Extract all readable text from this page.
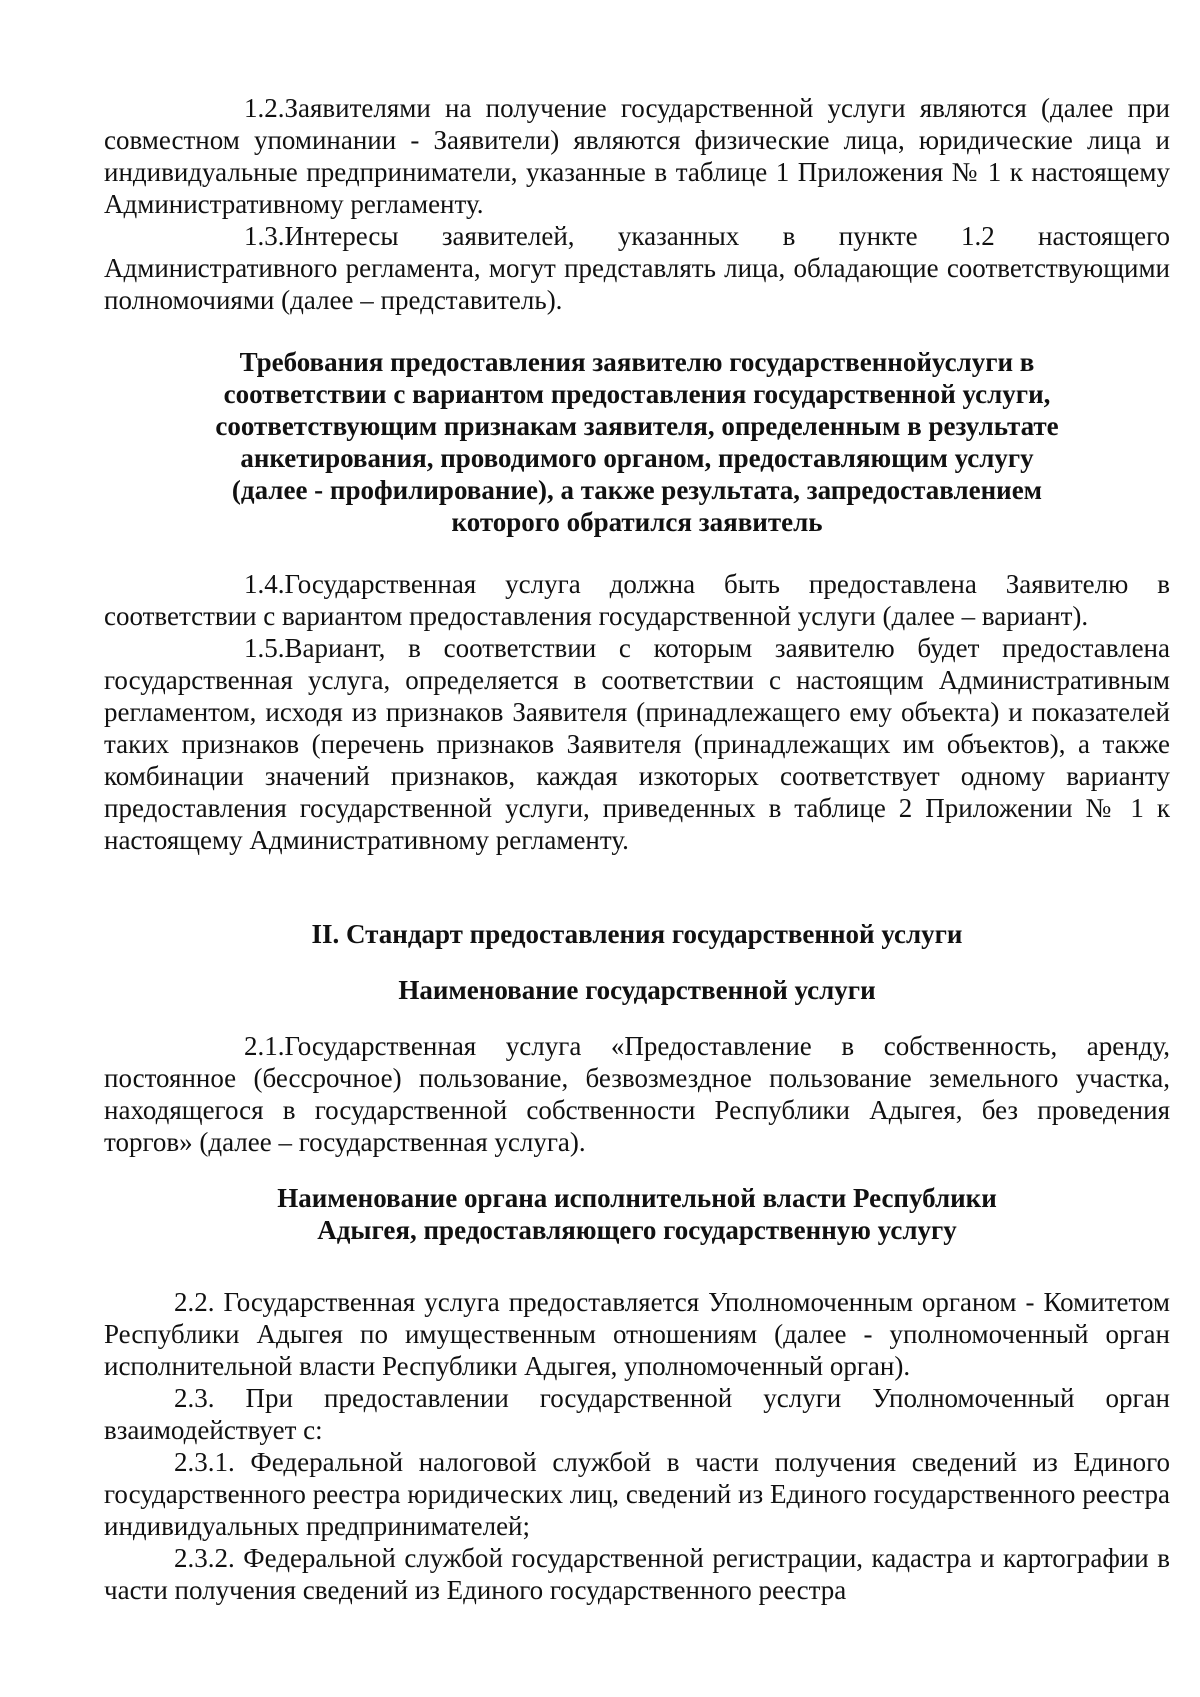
1.2.Заявителями на получение государственной услуги являются (далее при совместном упоминании - Заявители) являются физические лица, юридические лица и индивидуальные предприниматели, указанные в таблице 1 Приложения № 1 к настоящему Административному регламенту.

1.3.Интересы заявителей, указанных в пункте 1.2 настоящего Административного регламента, могут представлять лица, обладающие соответствующими полномочиями (далее – представитель).

Требования предоставления заявителю государственнойуслуги в соответствии с вариантом предоставления государственной услуги, соответствующим признакам заявителя, определенным в результате анкетирования, проводимого органом, предоставляющим услугу (далее - профилирование), а также результата, запредоставлением которого обратился заявитель

1.4.Государственная услуга должна быть предоставлена Заявителю в соответствии с вариантом предоставления государственной услуги (далее – вариант).

1.5.Вариант, в соответствии с которым заявителю будет предоставлена государственная услуга, определяется в соответствии с настоящим Административным регламентом, исходя из признаков Заявителя (принадлежащего ему объекта) и показателей таких признаков (перечень признаков Заявителя (принадлежащих им объектов), а также комбинации значений признаков, каждая изкоторых соответствует одному варианту предоставления государственной услуги, приведенных в таблице 2 Приложении № 1 к настоящему Административному регламенту.

II. Стандарт предоставления государственной услуги
Наименование государственной услуги

2.1.Государственная услуга «Предоставление в собственность, аренду, постоянное (бессрочное) пользование, безвозмездное пользование земельного участка, находящегося в государственной собственности Республики Адыгея, без проведения торгов» (далее – государственная услуга).

Наименование органа исполнительной власти Республики Адыгея, предоставляющего государственную услугу

2.2. Государственная услуга предоставляется Уполномоченным органом - Комитетом Республики Адыгея по имущественным отношениям (далее - уполномоченный орган исполнительной власти Республики Адыгея, уполномоченный орган).

2.3. При предоставлении государственной услуги Уполномоченный орган взаимодействует с:

2.3.1. Федеральной налоговой службой в части получения сведений из Единого государственного реестра юридических лиц, сведений из Единого государственного реестра индивидуальных предпринимателей;

2.3.2. Федеральной службой государственной регистрации, кадастра и картографии в части получения сведений из Единого государственного реестра
